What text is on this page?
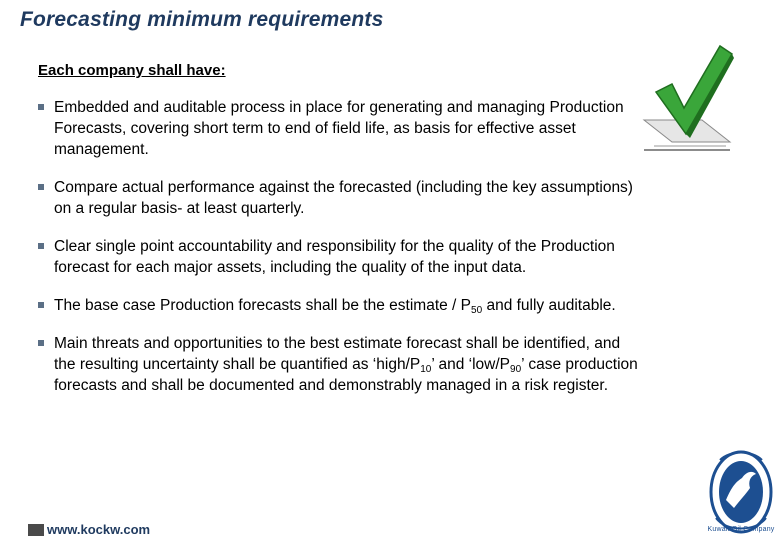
Forecasting minimum requirements
Each company shall have:
Embedded and auditable process in place for generating and managing Production Forecasts, covering short term to end of field life, as basis for effective asset management.
Compare actual performance against the forecasted (including the key assumptions) on a regular basis- at least quarterly.
Clear single point accountability and responsibility for the quality of the Production forecast for each major assets, including the quality of the input data.
The base case Production forecasts shall be the estimate / $P_{50}$ and fully auditable.
Main threats and opportunities to the best estimate forecast shall be identified, and the resulting uncertainty shall be quantified as ‘$high/P_{10}$’ and ‘$low/P_{90}$’ case production forecasts and shall be documented and demonstrably managed in a risk register.
www.kockw.com	Kuwait Oil Company
